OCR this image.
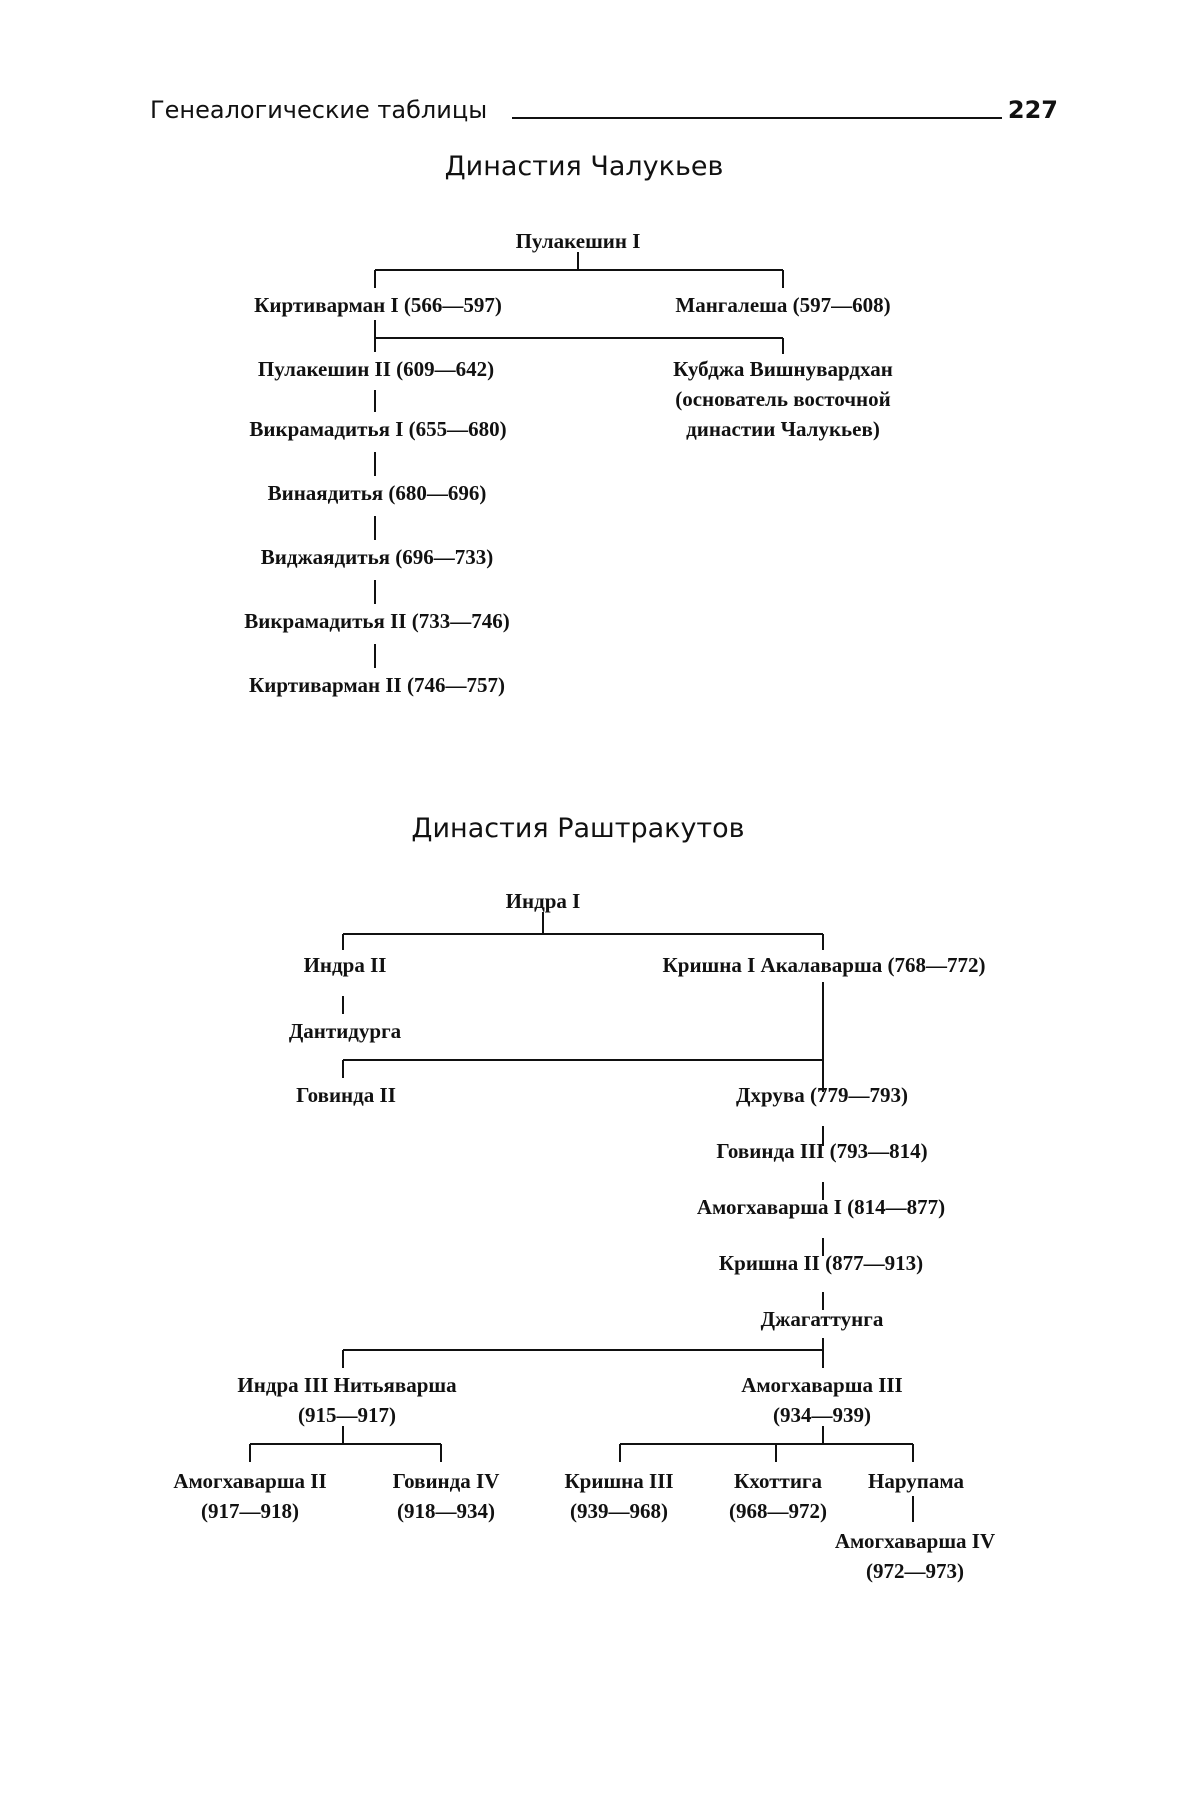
Генеалогические таблицы	227
Династия Чалукьев
Династия Раштракутов
Пулакешин I
Киртиварман I (566—597)	Мангалеша (597—608)
Пулакешин II (609—642)	Кубджа Вишнувардхан
(основатель восточной
династии Чалукьев)
Викрамадитья I (655—680)
Винаядитья (680—696)
Виджаядитья (696—733)
Викрамадитья II (733—746)
Киртиварман II (746—757)
Индра I
Индра II	Кришна I Акалаварша (768—772)
Дантидурга
Говинда II	Дхрува (779—793)
Говинда III (793—814)
Амогхаварша I (814—877)
Кришна II (877—913)
Джагаттунга
Индра III Нитьяварша
(915—917)
Амогхаварша III
(934—939)
Амогхаварша II
(917—918)
Говинда IV
(918—934)
Кришна III
(939—968)
Кхоттига
(968—972)
Нарупама
Амогхаварша IV
(972—973)
